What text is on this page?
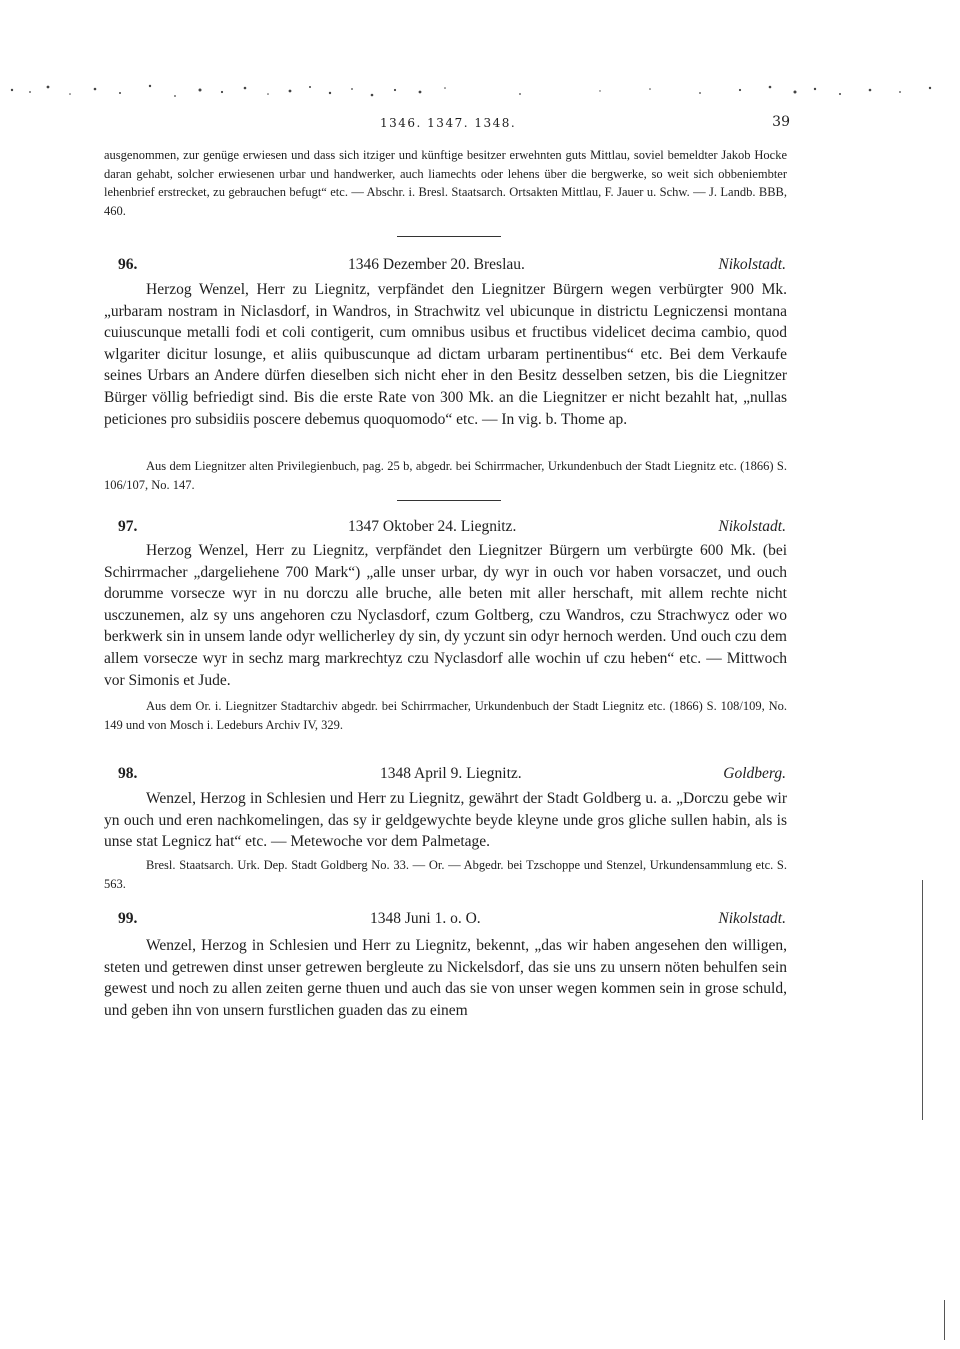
1346. 1347. 1348.	39

ausgenommen, zur genüge erwiesen und dass sich itziger und künftige besitzer erwehnten guts Mittlau, soviel bemeldter Jakob Hocke daran gehabt, solcher erwiesenen urbar und handwerker, auch liamechts oder lehens über die bergwerke, so weit sich obbeniembter lehenbrief erstrecket, zu gebrauchen befugt“ etc. — Abschr. i. Bresl. Staatsarch. Ortsakten Mittlau, F. Jauer u. Schw. — J. Landb. BBB, 460.

96.	1346 Dezember 20. Breslau.	Nikolstadt.

Herzog Wenzel, Herr zu Liegnitz, verpfändet den Liegnitzer Bürgern wegen verbürgter 900 Mk. „urbaram nostram in Niclasdorf, in Wandros, in Strachwitz vel ubicunque in districtu Legniczensi montana cuiuscunque metalli fodi et coli contigerit, cum omnibus usibus et fructibus videlicet decima cambio, quod wlgariter dicitur losunge, et aliis quibuscunque ad dictam urbaram pertinentibus“ etc. Bei dem Verkaufe seines Urbars an Andere dürfen dieselben sich nicht eher in den Besitz desselben setzen, bis die Liegnitzer Bürger völlig befriedigt sind. Bis die erste Rate von 300 Mk. an die Liegnitzer er nicht bezahlt hat, „nullas peticiones pro subsidiis poscere debemus quoquomodo“ etc. — In vig. b. Thome ap.

Aus dem Liegnitzer alten Privilegienbuch, pag. 25 b, abgedr. bei Schirrmacher, Urkundenbuch der Stadt Liegnitz etc. (1866) S. 106/107, No. 147.

97.	1347 Oktober 24. Liegnitz.	Nikolstadt.

Herzog Wenzel, Herr zu Liegnitz, verpfändet den Liegnitzer Bürgern um verbürgte 600 Mk. (bei Schirrmacher „dargeliehene 700 Mark“) „alle unser urbar, dy wyr in ouch vor haben vorsaczet, und ouch dorumme vorsecze wyr in nu dorczu alle bruche, alle beten mit aller herschaft, mit allem rechte nicht usczunemen, alz sy uns angehoren czu Nyclasdorf, czum Goltberg, czu Wandros, czu Strachwycz oder wo berkwerk sin in unsem lande odyr wellicherley dy sin, dy yczunt sin odyr hernoch werden. Und ouch czu dem allem vorsecze wyr in sechz marg markrechtyz czu Nyclasdorf alle wochin uf czu heben“ etc. — Mittwoch vor Simonis et Jude.

Aus dem Or. i. Liegnitzer Stadtarchiv abgedr. bei Schirrmacher, Urkundenbuch der Stadt Liegnitz etc. (1866) S. 108/109, No. 149 und von Mosch i. Ledeburs Archiv IV, 329.

98.	1348 April 9. Liegnitz.	Goldberg.

Wenzel, Herzog in Schlesien und Herr zu Liegnitz, gewährt der Stadt Goldberg u. a. „Dorczu gebe wir yn ouch und eren nachkomelingen, das sy ir geldgewychte beyde kleyne unde gros gliche sullen habin, als is unse stat Legnicz hat“ etc. — Metewoche vor dem Palmetage.

Bresl. Staatsarch. Urk. Dep. Stadt Goldberg No. 33. — Or. — Abgedr. bei Tzschoppe und Stenzel, Urkundensammlung etc. S. 563.

99.	1348 Juni 1. o. O.	Nikolstadt.

Wenzel, Herzog in Schlesien und Herr zu Liegnitz, bekennt, „das wir haben angesehen den willigen, steten und getrewen dinst unser getrewen bergleute zu Nickelsdorf, das sie uns zu unsern nöten behulfen sein gewest und noch zu allen zeiten gerne thuen und auch das sie von unser wegen kommen sein in grose schuld, und geben ihn von unsern furstlichen guaden das zu einem
